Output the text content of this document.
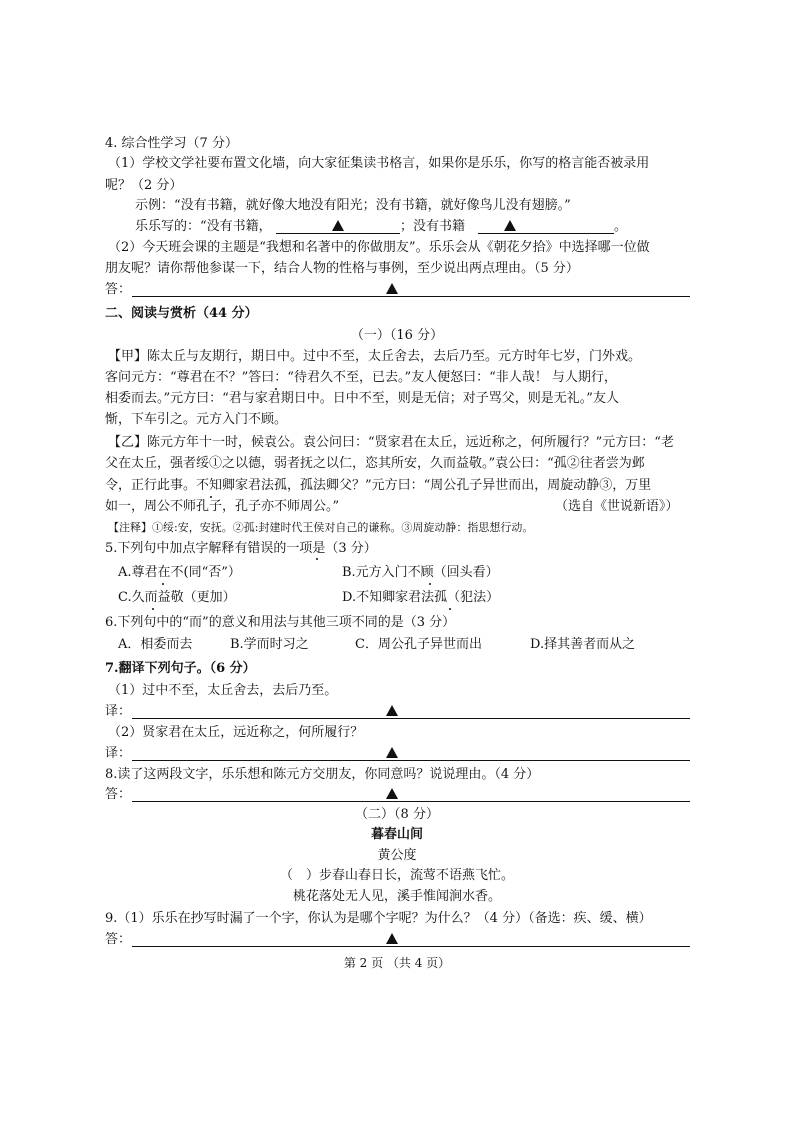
4. 综合性学习（7 分）
（1）学校文学社要布置文化墙，向大家征集读书格言，如果你是乐乐，你写的格言能否被录用
呢？（2 分）
示例：“没有书籍，就好像大地没有阳光；没有书籍，就好像鸟儿没有翅膀。”
乐乐写的：“没有书籍，	；没有书籍	。
（2）今天班会课的主题是“我想和名著中的你做朋友”。乐乐会从《朝花夕拾》中选择哪一位做
朋友呢？请你帮他参谋一下，结合人物的性格与事例，至少说出两点理由。（5 分）
答：
二、阅读与赏析（44 分）
（一）（16 分）
【甲】陈太丘与友期行，期日中。过中不至，太丘舍去，去后乃至。元方时年七岁，门外戏。
客问元方：“尊君在不？”答曰：“待君久不至，已去。”友人便怒曰：“非人哉！ 与人期行，
相委而去。”元方曰：“君与家君期日中。日中不至，则是无信；对子骂父，则是无礼。”友人
惭，下车引之。元方入门不顾。
【乙】陈元方年十一时，候袁公。袁公问曰：“贤家君在太丘，远近称之，何所履行？”元方曰：“老
父在太丘，强者绥①之以德，弱者抚之以仁，恣其所安，久而益敬。”袁公曰：“孤②往者尝为邺
令，正行此事。不知卿家君法孤，孤法卿父？”元方曰：“周公孔子异世而出，周旋动静③，万里
如一，周公不师孔子，孔子亦不师周公。”	（选自《世说新语》）
【注释】①绥:安，安抚。②孤:封建时代王侯对自己的谦称。③周旋动静：指思想行动。
5.下列句中加点字解释有错误的一项是（3 分）
A.尊君在不(同“否”）	B.元方入门不顾（回头看）
C.久而益敬（更加）	D.不知卿家君法孤（犯法）
6.下列句中的“而”的意义和用法与其他三项不同的是（3 分）
A．相委而去	B.学而时习之	C．周公孔子异世而出	D.择其善者而从之
7.翻译下列句子。（6 分）
（1）过中不至，太丘舍去，去后乃至。
译：
（2）贤家君在太丘，远近称之，何所履行？
译：
8.读了这两段文字，乐乐想和陈元方交朋友，你同意吗？说说理由。（4 分）
答：
（二）（8 分）
暮春山间
黄公度
（　）步春山春日长，流莺不语燕飞忙。
桃花落处无人见，溪手惟闻涧水香。
9.（1）乐乐在抄写时漏了一个字，你认为是哪个字呢？为什么？（4 分）（备选：疾、缓、横）
答：
第 2 页 （共 4 页）
